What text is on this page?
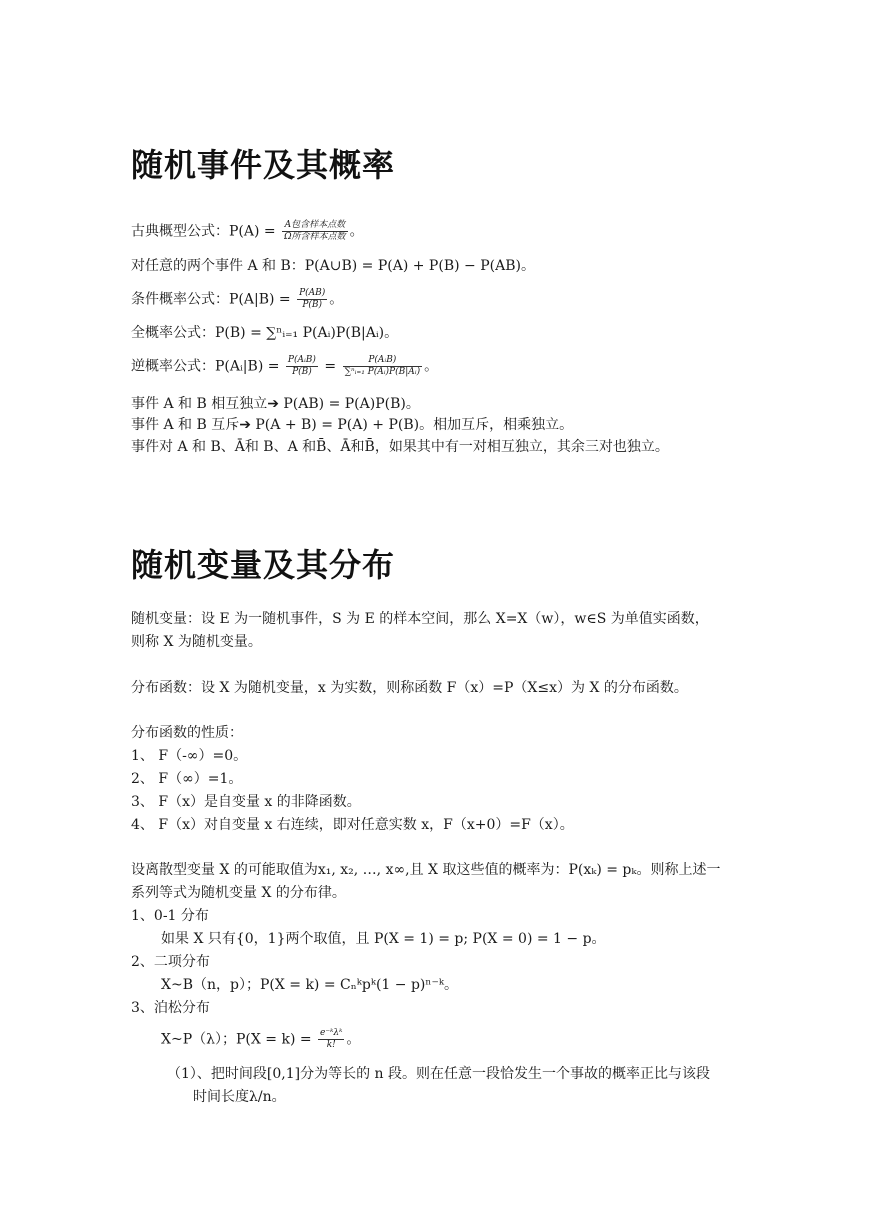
随机事件及其概率
古典概型公式：$P(A) = \frac{\text{A包含样本点数}}{\text{Ω所含样本点数}}$ 。
对任意的两个事件 A 和 B：P(A∪B) = P(A) + P(B) − P(AB)。
条件概率公式：$P(A|B) = \frac{P(AB)}{P(B)}$ 。
全概率公式：P(B) = ∑ⁿᵢ₌₁ P(Aᵢ)P(B|Aᵢ)。
逆概率公式：P(Aᵢ|B) = $\frac{\text{P(AᵢB)}}{P(B)} = \frac{\text{P(AᵢB)}}{\text{∑ⁿᵢ₌₁ P(Aᵢ)P(B|Aᵢ)}}$ 。
事件 A 和 B 相互独立➔ P(AB) = P(A)P(B)。
事件 A 和 B 互斥➔ P(A + B) = P(A) + P(B)。相加互斥，相乘独立。
事件对 A 和 B、Ā和 B、A 和B̄、Ā和B̄，如果其中有一对相互独立，其余三对也独立。
随机变量及其分布
随机变量：设 E 为一随机事件，S 为 E 的样本空间，那么 X=X（w），w∈S 为单值实函数，
则称 X 为随机变量。
分布函数：设 X 为随机变量，x 为实数，则称函数 F（x）=P（X≤x）为 X 的分布函数。
分布函数的性质：
1、 F（-∞）=0。
2、 F（∞）=1。
3、 F（x）是自变量 x 的非降函数。
4、 F（x）对自变量 x 右连续，即对任意实数 x，F（x+0）=F（x）。
设离散型变量 X 的可能取值为x₁, x₂, …, x∞,且 X 取这些值的概率为：P(xₖ) = pₖ。则称上述一
系列等式为随机变量 X 的分布律。
1、0-1 分布
如果 X 只有{0，1}两个取值，且 P(X = 1) = p; P(X = 0) = 1 − p。
2、二项分布
X~B（n，p）；P(X = k) = Cₙᵏpᵏ(1 − p)ⁿ⁻ᵏ。
3、泊松分布
X~P（λ）；$P(X = k) = \frac{\text{e⁻ᵏλᵏ}}{k!}$ 。
（1）、把时间段[0,1]分为等长的 n 段。则在任意一段恰发生一个事故的概率正比与该段
时间长度λ/n。
